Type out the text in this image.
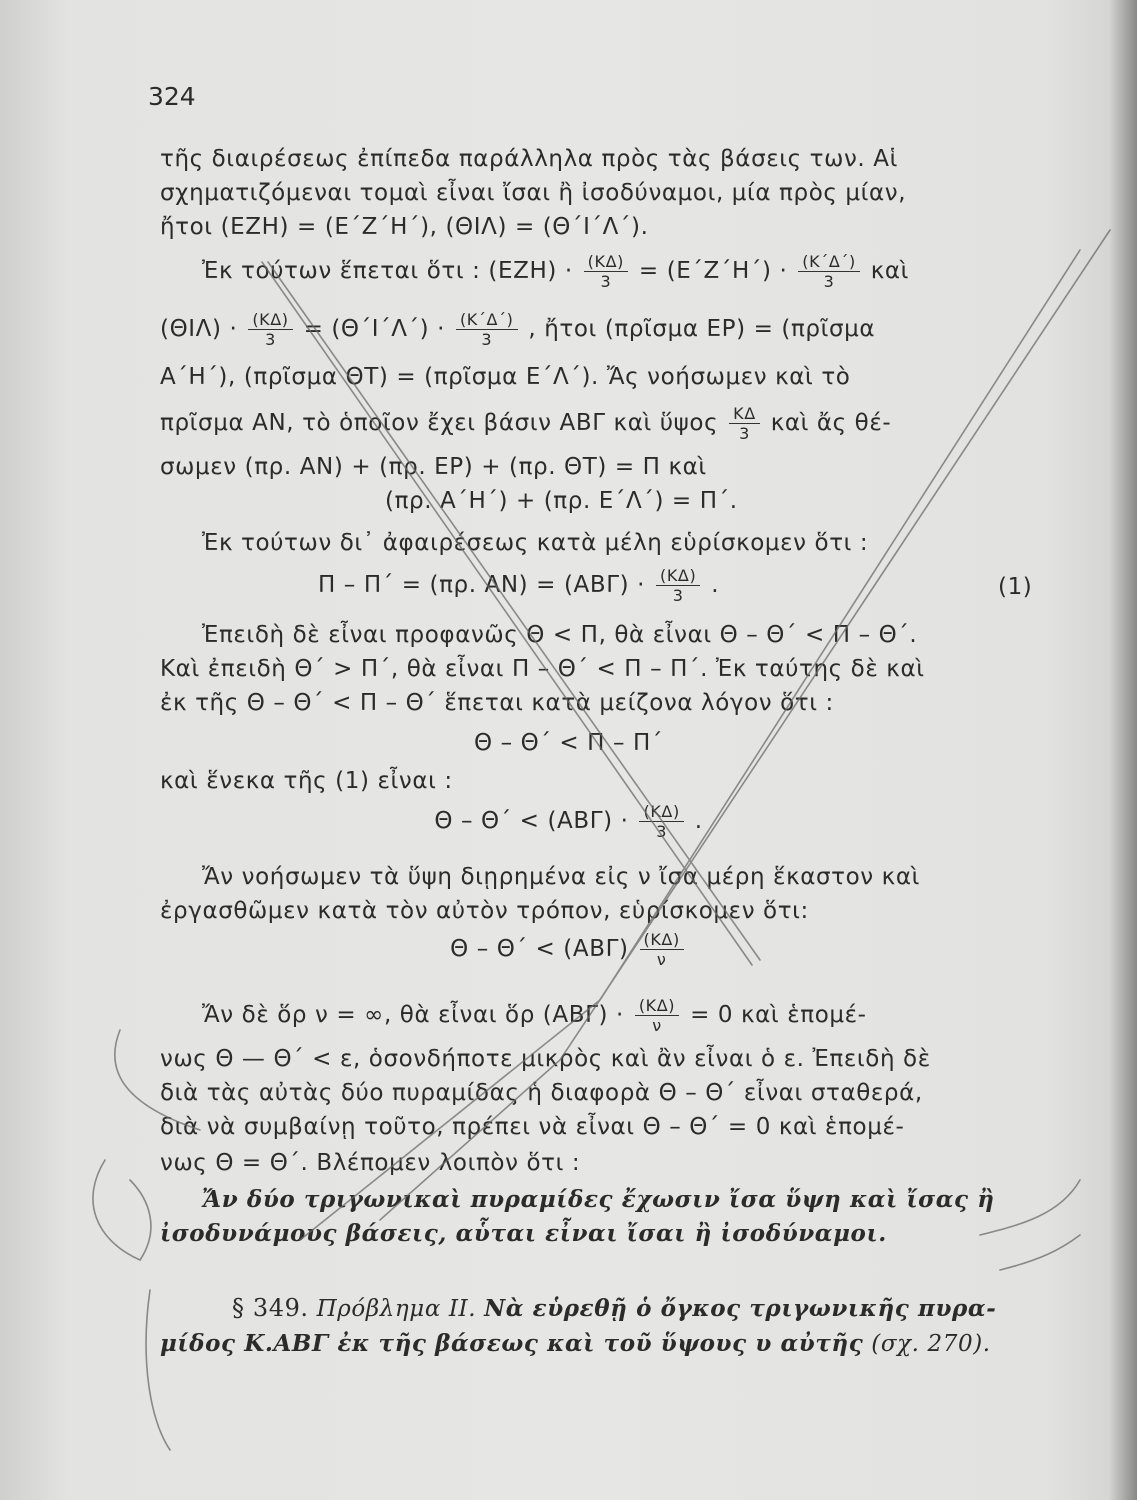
324
τῆς διαιρέσεως ἐπίπεδα παράλληλα πρὸς τὰς βάσεις των. Αἱ
σχηματιζόμεναι τομαὶ εἶναι ἴσαι ἢ ἰσοδύναμοι, μία πρὸς μίαν,
ἤτοι (ΕΖΗ) = (Ε΄Ζ΄Η΄), (ΘΙΛ) = (Θ΄Ι΄Λ΄).
Ἐκ τούτων ἕπεται ὅτι : $(EZH) \cdot \frac{(K\Delta)}{3} = (E΄Z΄H΄) \cdot \frac{(K΄\Delta΄)}{3}$ καὶ
$(\Theta I\Lambda) \cdot \frac{(K\Delta)}{3} = (\Theta΄I΄\Lambda΄) \cdot \frac{(K΄\Delta΄)}{3}$ , ἤτοι (πρῖσμα ΕΡ) = (πρῖσμα
Α΄Η΄), (πρῖσμα ΘΤ) = (πρῖσμα Ε΄Λ΄). Ἄς νοήσωμεν καὶ τὸ
πρῖσμα ΑΝ, τὸ ὁποῖον ἔχει βάσιν ΑΒΓ καὶ ὕψος $\frac{K\Delta}{3}$ καὶ ἄς θέ-
σωμεν (πρ. ΑΝ) + (πρ. ΕΡ) + (πρ. ΘΤ) = Π καὶ
(πρ. Α΄Η΄) + (πρ. Ε΄Λ΄) = Π΄.
Ἐκ τούτων δι᾽ ἀφαιρέσεως κατὰ μέλη εὑρίσκομεν ὅτι :
Π – Π΄ = (πρ. $AN) = (AB\Gamma) \cdot \frac{(K\Delta)}{3}$ .	(1)
Ἐπειδὴ δὲ εἶναι προφανῶς Θ < Π, θὰ εἶναι Θ – Θ΄ < Π – Θ΄.
Καὶ ἐπειδὴ Θ΄ > Π΄, θὰ εἶναι Π – Θ΄ < Π – Π΄. Ἐκ ταύτης δὲ καὶ
ἐκ τῆς Θ – Θ΄ < Π – Θ΄ ἕπεται κατὰ μείζονα λόγον ὅτι :
Θ – Θ΄ < Π – Π΄
καὶ ἕνεκα τῆς (1) εἶναι :
$\Theta - \Theta΄ < (AB\Gamma) \cdot \frac{(K\Delta)}{3}$ .
Ἄν νοήσωμεν τὰ ὕψη διῃρημένα εἰς ν ἴσα μέρη ἕκαστον καὶ
ἐργασθῶμεν κατὰ τὸν αὐτὸν τρόπον, εὑρίσκομεν ὅτι:
$\Theta - \Theta΄ < (AB\Gamma) \frac{(K\Delta)}{\nu}$
Ἄν δὲ ὅρ ν = ∞, θὰ εἶναι ὅρ $(AB\Gamma) \cdot \frac{(K\Delta)}{\nu} = 0$ καὶ ἑπομέ-
νως Θ — Θ΄ < ε, ὁσονδήποτε μικρὸς καὶ ἂν εἶναι ὁ ε. Ἐπειδὴ δὲ
διὰ τὰς αὐτὰς δύο πυραμίδας ἡ διαφορὰ Θ – Θ΄ εἶναι σταθερά,
διὰ νὰ συμβαίνῃ τοῦτο, πρέπει νὰ εἶναι Θ – Θ΄ = 0 καὶ ἑπομέ-
νως Θ = Θ΄. Βλέπομεν λοιπὸν ὅτι :
Ἄν δύο τριγωνικαὶ πυραμίδες ἔχωσιν ἴσα ὕψη καὶ ἴσας ἢ
ἰσοδυνάμους βάσεις, αὗται εἶναι ἴσαι ἢ ἰσοδύναμοι.
§ 349. Πρόβλημα ΙΙ. Νὰ εὑρεθῇ ὁ ὄγκος τριγωνικῆς πυρα-
μίδος Κ.ΑΒΓ ἐκ τῆς βάσεως καὶ τοῦ ὕψους υ αὐτῆς (σχ. 270).
